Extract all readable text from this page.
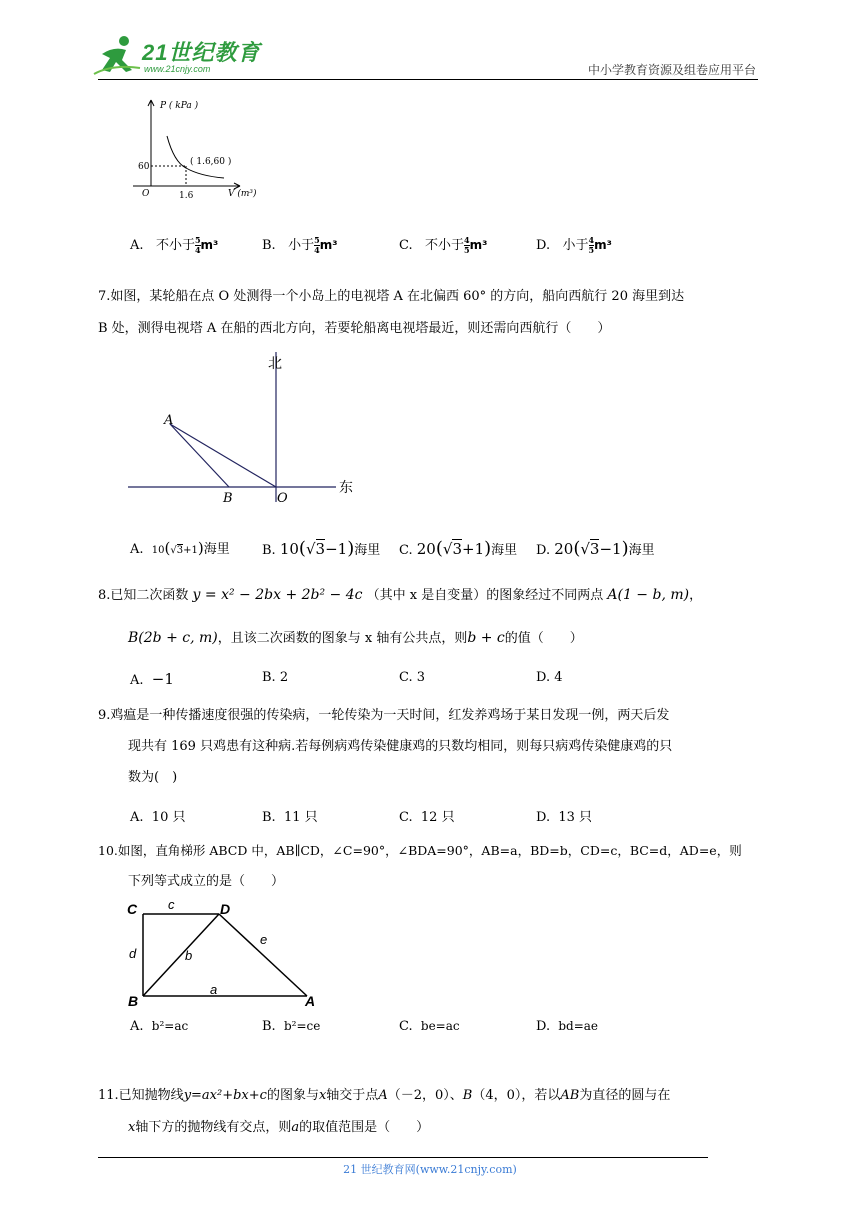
21世纪教育
www.21cnjy.com	中小学教育资源及组卷应用平台
P ( kPa )
V (m³)
O
60
1.6
( 1.6,60 )
A. 不小于 $\frac{5}{4} m^3$	B. 小于 $\frac{5}{4} m^3$	C. 不小于 $\frac{4}{5} m^3$	D. 小于 $\frac{4}{5} m^3$
7.如图，某轮船在点 O 处测得一个小岛上的电视塔 A 在北偏西 60° 的方向，船向西航行 20 海里到达
B 处，测得电视塔 A 在船的西北方向，若要轮船离电视塔最近，则还需向西航行（　　）
北
东
A
B	O
A. 10(√3+1)海里 B. 10(√3−1)海里 C. 20(√3+1)海里 D. 20(√3−1)海里
8.已知二次函数 y = x² − 2bx + 2b² − 4c （其中 x 是自变量）的图象经过不同两点 A(1 − b, m)，
B(2b + c, m)，且该二次函数的图象与 x 轴有公共点，则b + c的值（　　）
A. −1	B. 2	C. 3	D. 4
9.鸡瘟是一种传播速度很强的传染病，一轮传染为一天时间，红发养鸡场于某日发现一例，两天后发
现共有 169 只鸡患有这种病.若每例病鸡传染健康鸡的只数均相同，则每只病鸡传染健康鸡的只
数为(　)
A. 10 只	B. 11 只	C. 12 只	D. 13 只
10.如图，直角梯形 ABCD 中，AB∥CD，∠C=90°，∠BDA=90°，AB=a，BD=b，CD=c，BC=d，AD=e，则
下列等式成立的是（　　）
C	D
B	A
c
d	b
a
e
A. b²=ac	B. b²=ce	C. be=ac	D. bd=ae
11.已知抛物线y=ax²+bx+c的图象与x轴交于点A（－2，0）、B（4，0），若以AB为直径的圆与在
x轴下方的抛物线有交点，则a的取值范围是（　　）
21 世纪教育网(www.21cnjy.com)
